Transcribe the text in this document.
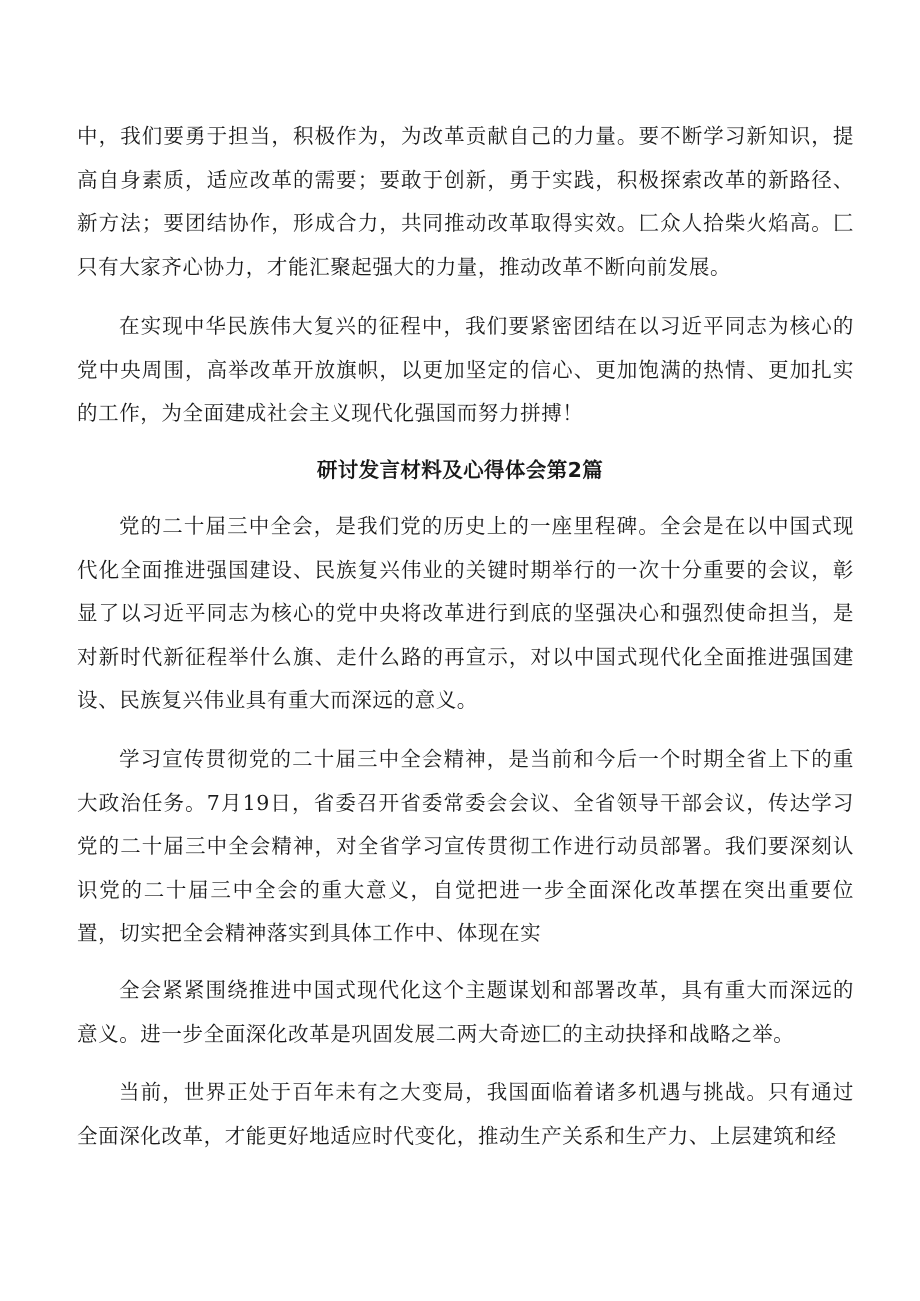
中，我们要勇于担当，积极作为，为改革贡献自己的力量。要不断学习新知识，提高自身素质，适应改革的需要；要敢于创新，勇于实践，积极探索改革的新路径、新方法；要团结协作，形成合力，共同推动改革取得实效。匚众人拾柴火焰高。匚只有大家齐心协力，才能汇聚起强大的力量，推动改革不断向前发展。

在实现中华民族伟大复兴的征程中，我们要紧密团结在以习近平同志为核心的党中央周围，高举改革开放旗帜，以更加坚定的信心、更加饱满的热情、更加扎实的工作，为全面建成社会主义现代化强国而努力拼搏！

研讨发言材料及心得体会第2篇

党的二十届三中全会，是我们党的历史上的一座里程碑。全会是在以中国式现代化全面推进强国建设、民族复兴伟业的关键时期举行的一次十分重要的会议，彰显了以习近平同志为核心的党中央将改革进行到底的坚强决心和强烈使命担当，是对新时代新征程举什么旗、走什么路的再宣示，对以中国式现代化全面推进强国建设、民族复兴伟业具有重大而深远的意义。

学习宣传贯彻党的二十届三中全会精神，是当前和今后一个时期全省上下的重大政治任务。7月19日，省委召开省委常委会会议、全省领导干部会议，传达学习党的二十届三中全会精神，对全省学习宣传贯彻工作进行动员部署。我们要深刻认识党的二十届三中全会的重大意义，自觉把进一步全面深化改革摆在突出重要位置，切实把全会精神落实到具体工作中、体现在实

全会紧紧围绕推进中国式现代化这个主题谋划和部署改革，具有重大而深远的意义。进一步全面深化改革是巩固发展二两大奇迹匚的主动抉择和战略之举。

当前，世界正处于百年未有之大变局，我国面临着诸多机遇与挑战。只有通过全面深化改革，才能更好地适应时代变化，推动生产关系和生产力、上层建筑和经
